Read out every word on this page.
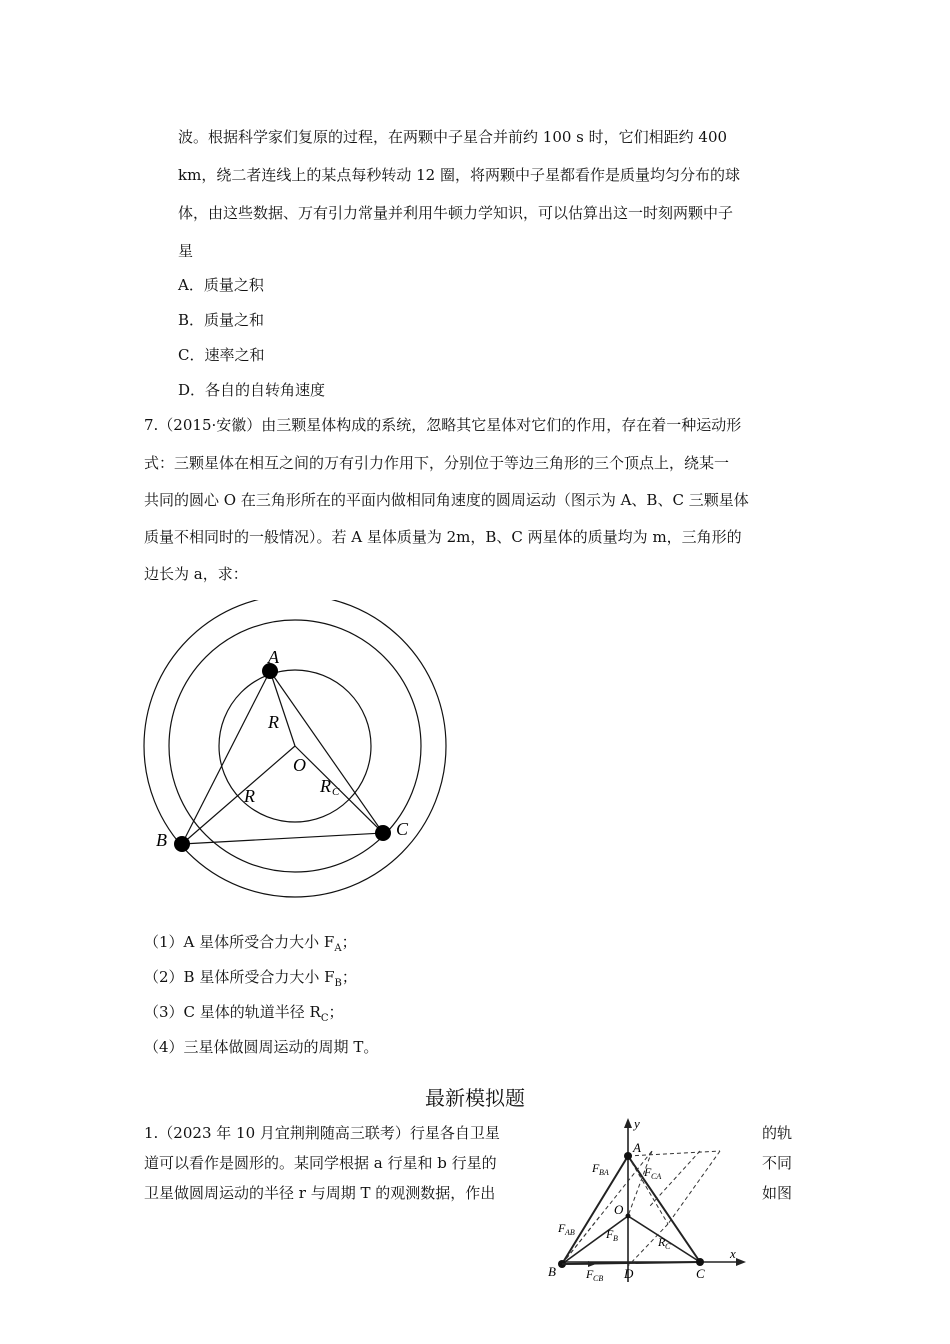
波。根据科学家们复原的过程，在两颗中子星合并前约 100 s 时，它们相距约 400
km，绕二者连线上的某点每秒转动 12 圈，将两颗中子星都看作是质量均匀分布的球
体，由这些数据、万有引力常量并利用牛顿力学知识，可以估算出这一时刻两颗中子
星
A．质量之积
B．质量之和
C．速率之和
D．各自的自转角速度
7.（2015·安徽）由三颗星体构成的系统，忽略其它星体对它们的作用，存在着一种运动形
式：三颗星体在相互之间的万有引力作用下，分别位于等边三角形的三个顶点上，绕某一
共同的圆心 O 在三角形所在的平面内做相同角速度的圆周运动（图示为 A、B、C 三颗星体
质量不相同时的一般情况）。若 A 星体质量为 2m，B、C 两星体的质量均为 m，三角形的
边长为 a，求：
A
B
C
O
R
R	R C
（1）A 星体所受合力大小 $F_A$；
（2）B 星体所受合力大小 $F_B$；
（3）C 星体的轨道半径 $R_C$；
（4）三星体做圆周运动的周期 T。
最新模拟题
1.（2023 年 10 月宜荆荆随高三联考）行星各自卫星
道可以看作是圆形的。某同学根据 a 行星和 b 行星的
卫星做圆周运动的半径 r 与周期 T 的观测数据，作出
的轨
不同
如图
y
x
A
O
B	C
D
F BA	F CA
F AB	F B	R C
F CB
